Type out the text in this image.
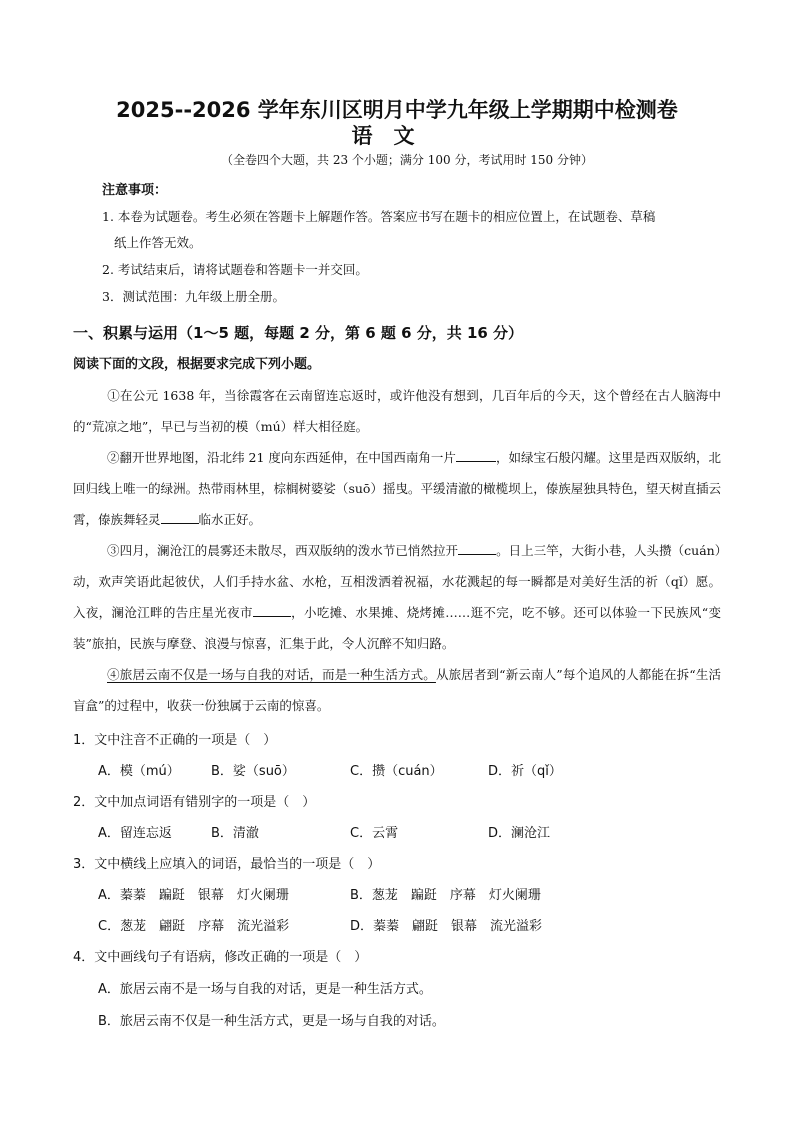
2025--2026 学年东川区明月中学九年级上学期期中检测卷
语　文
（全卷四个大题，共 23 个小题；满分 100 分，考试用时 150 分钟）
注意事项：
1. 本卷为试题卷。考生必须在答题卡上解题作答。答案应书写在题卡的相应位置上，在试题卷、草稿
纸上作答无效。
2. 考试结束后，请将试题卷和答题卡一并交回。
3．测试范围：九年级上册全册。
一、积累与运用（1～5 题，每题 2 分，第 6 题 6 分，共 16 分）
阅读下面的文段，根据要求完成下列小题。
①在公元 1638 年，当徐霞客在云南留连忘返时，或许他没有想到，几百年后的今天，这个曾经在古人脑海中的“荒凉之地”，早已与当初的模（mú）样大相径庭。
②翻开世界地图，沿北纬 21 度向东西延伸，在中国西南角一片	，如绿宝石般闪耀。这里是西双版纳，北回归线上唯一的绿洲。热带雨林里，棕榈树婆娑（suō）摇曳。平缓清澈的橄榄坝上，傣族屋独具特色，望天树直插云霄，傣族舞轻灵	临水正好。
③四月，澜沧江的晨雾还未散尽，西双版纳的泼水节已悄然拉开	。日上三竿，大街小巷，人头攒（cuán）动，欢声笑语此起彼伏，人们手持水盆、水枪，互相泼洒着祝福，水花溅起的每一瞬都是对美好生活的祈（qǐ）愿。入夜，澜沧江畔的告庄星光夜市	，小吃摊、水果摊、烧烤摊……逛不完，吃不够。还可以体验一下民族风“变装”旅拍，民族与摩登、浪漫与惊喜，汇集于此，令人沉醉不知归路。
④旅居云南不仅是一场与自我的对话，而是一种生活方式。从旅居者到“新云南人”每个追风的人都能在拆“生活盲盒”的过程中，收获一份独属于云南的惊喜。
1．文中注音不正确的一项是（　）
A．模（mú） B．娑（suō）	C．攒（cuán）	D．祈（qǐ）
2．文中加点词语有错别字的一项是（　）
A．留连忘返	B．清澈	C．云霄	D．澜沧江
3．文中横线上应填入的词语，最恰当的一项是（　）
A．蓁蓁　蹁跹　银幕　灯火阑珊	B．葱茏　蹁跹　序幕　灯火阑珊
C．葱茏　翩跹　序幕　流光溢彩	D．蓁蓁　翩跹　银幕　流光溢彩
4．文中画线句子有语病，修改正确的一项是（　）
A．旅居云南不是一场与自我的对话，更是一种生活方式。
B．旅居云南不仅是一种生活方式，更是一场与自我的对话。
